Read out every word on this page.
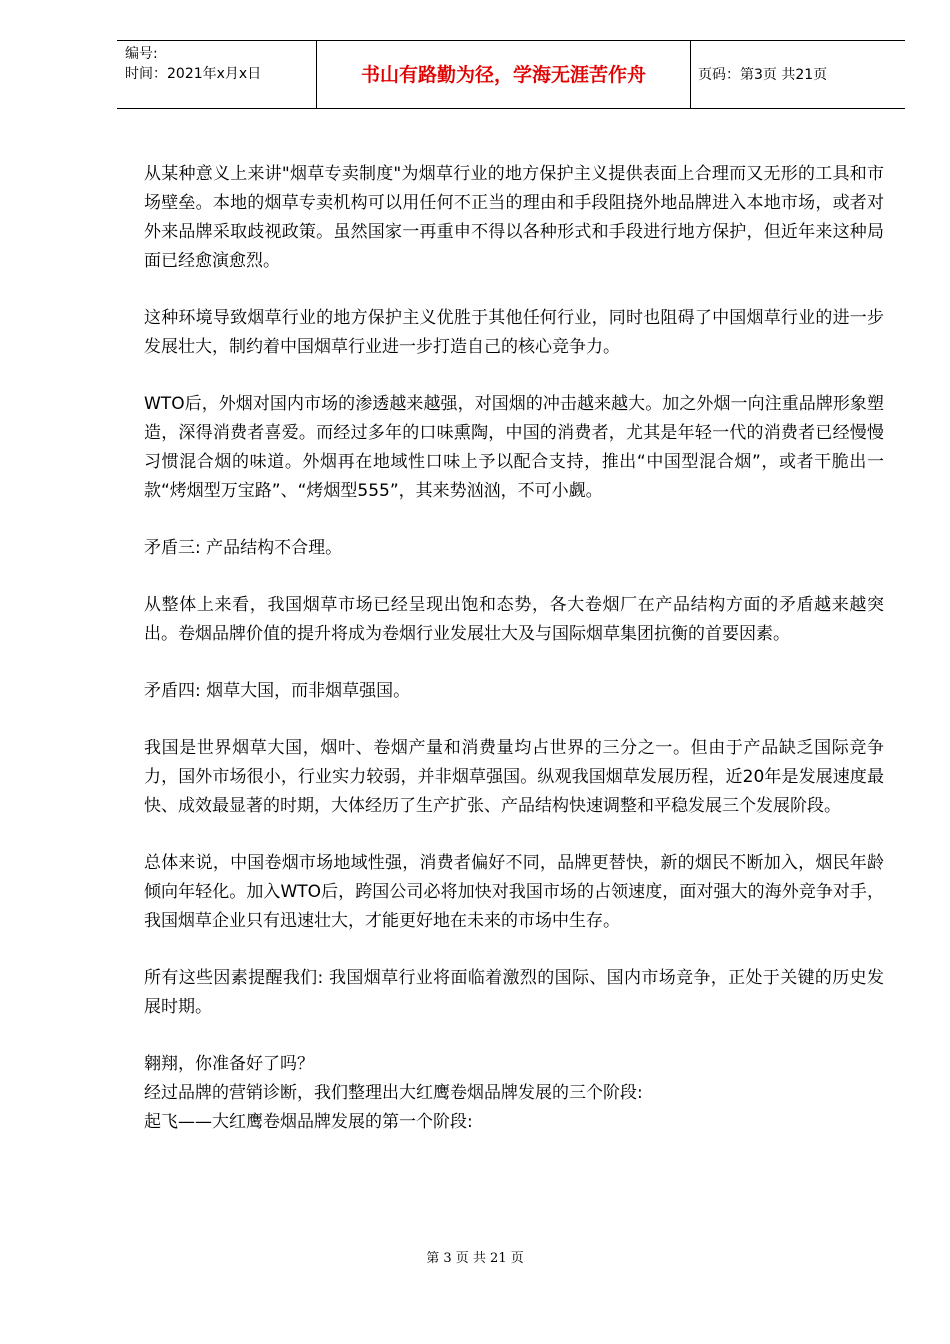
编号:
时间：2021年x月x日	书山有路勤为径，学海无涯苦作舟	页码：第3页 共21页

从某种意义上来讲"烟草专卖制度"为烟草行业的地方保护主义提供表面上合理而又无形的工具和市场壁垒。本地的烟草专卖机构可以用任何不正当的理由和手段阻挠外地品牌进入本地市场，或者对外来品牌采取歧视政策。虽然国家一再重申不得以各种形式和手段进行地方保护，但近年来这种局面已经愈演愈烈。

这种环境导致烟草行业的地方保护主义优胜于其他任何行业，同时也阻碍了中国烟草行业的进一步发展壮大，制约着中国烟草行业进一步打造自己的核心竞争力。

WTO后，外烟对国内市场的渗透越来越强，对国烟的冲击越来越大。加之外烟一向注重品牌形象塑造，深得消费者喜爱。而经过多年的口味熏陶，中国的消费者，尤其是年轻一代的消费者已经慢慢习惯混合烟的味道。外烟再在地域性口味上予以配合支持，推出“中国型混合烟”，或者干脆出一款“烤烟型万宝路”、“烤烟型555”，其来势汹汹，不可小觑。

矛盾三: 产品结构不合理。

从整体上来看，我国烟草市场已经呈现出饱和态势，各大卷烟厂在产品结构方面的矛盾越来越突出。卷烟品牌价值的提升将成为卷烟行业发展壮大及与国际烟草集团抗衡的首要因素。

矛盾四: 烟草大国，而非烟草强国。

我国是世界烟草大国，烟叶、卷烟产量和消费量均占世界的三分之一。但由于产品缺乏国际竞争力，国外市场很小，行业实力较弱，并非烟草强国。纵观我国烟草发展历程，近20年是发展速度最快、成效最显著的时期，大体经历了生产扩张、产品结构快速调整和平稳发展三个发展阶段。

总体来说，中国卷烟市场地域性强，消费者偏好不同，品牌更替快，新的烟民不断加入，烟民年龄倾向年轻化。加入WTO后，跨国公司必将加快对我国市场的占领速度，面对强大的海外竞争对手，我国烟草企业只有迅速壮大，才能更好地在未来的市场中生存。

所有这些因素提醒我们: 我国烟草行业将面临着激烈的国际、国内市场竞争，正处于关键的历史发展时期。

翱翔，你准备好了吗？

经过品牌的营销诊断，我们整理出大红鹰卷烟品牌发展的三个阶段:

起飞——大红鹰卷烟品牌发展的第一个阶段:

第 3 页 共 21 页
